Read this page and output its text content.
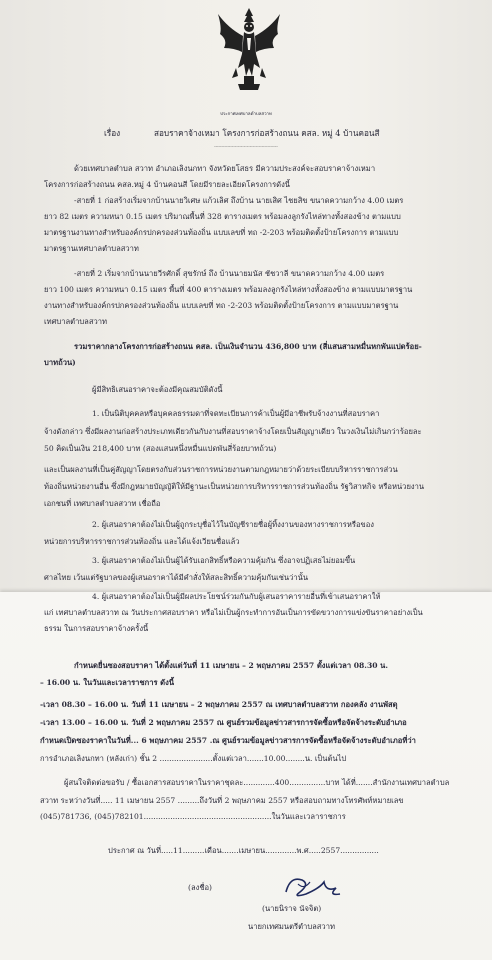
ประกาศเทศบาลตำบลสวาท
เรื่อง	สอบราคาจ้างเหมา โครงการก่อสร้างถนน คสล. หมู่ 4 บ้านคอนสี
-------------------------------------------
ด้วยเทศบาลตำบล สวาท อำเภอเลิงนกทา จังหวัดยโสธร มีความประสงค์จะสอบราคาจ้างเหมา
โครงการก่อสร้างถนน คสล.หมู่ 4 บ้านคอนสี โดยมีรายละเอียดโครงการดังนี้
-สายที่ 1 ก่อสร้างเริ่มจากบ้านนายวิเศษ แก้วเลิศ ถึงบ้าน นายเสิศ ไชยสิข ขนาดความกว้าง 4.00 เมตร
ยาว 82 เมตร ความหนา 0.15 เมตร ปริมาณพื้นที่ 328 ตารางเมตร พร้อมลงลูกรังไหล่ทางทั้งสองข้าง ตามแบบ
มาตรฐานงานทางสำหรับองค์กรปกครองส่วนท้องถิ่น แบบเลขที่ ทถ -2-203 พร้อมติดตั้งป้ายโครงการ ตามแบบ
มาตรฐานเทศบาลตำบลสวาท
-สายที่ 2 เริ่มจากบ้านนายวีรศักดิ์ สุขรักษ์ ถึง บ้านนายมนัส ชัชวาลี ขนาดความกว้าง 4.00 เมตร
ยาว 100 เมตร ความหนา 0.15 เมตร พื้นที่ 400 ตารางเมตร พร้อมลงลูกรังไหล่ทางทั้งสองข้าง ตามแบบมาตรฐาน
งานทางสำหรับองค์กรปกครองส่วนท้องถิ่น แบบเลขที่ ทถ -2-203 พร้อมติดตั้งป้ายโครงการ ตามแบบมาตรฐาน
เทศบาลตำบลสวาท
รวมราคากลางโครงการก่อสร้างถนน คสล. เป็นเงินจำนวน 436,800 บาท (สี่แสนสามหมื่นหกพันแปดร้อย-
บาทถ้วน)
ผู้มีสิทธิเสนอราคาจะต้องมีคุณสมบัติดังนี้
1. เป็นนิติบุคคลหรือบุคคลธรรมดาที่จดทะเบียนการค้าเป็นผู้มีอาชีพรับจ้างงานที่สอบราคา
จ้างดังกล่าว ซึ่งมีผลงานก่อสร้างประเภทเดียวกันกับงานที่สอบราคาจ้างโดยเป็นสัญญาเดียว ในวงเงินไม่เกินกว่าร้อยละ
50 คิดเป็นเงิน 218,400 บาท (สองแสนหนึ่งหมื่นแปดพันสี่ร้อยบาทถ้วน)
และเป็นผลงานที่เป็นคู่สัญญาโดยตรงกับส่วนราชการหน่วยงานตามกฎหมายว่าด้วยระเบียบบริหารราชการส่วน
ท้องถิ่นหน่วยงานอื่น ซึ่งมีกฎหมายบัญญัติให้มีฐานะเป็นหน่วยการบริหารราชการส่วนท้องถิ่น รัฐวิสาหกิจ หรือหน่วยงาน
เอกชนที่ เทศบาลตำบลสวาท เชื่อถือ
2. ผู้เสนอราคาต้องไม่เป็นผู้ถูกระบุชื่อไว้ในบัญชีรายชื่อผู้ทิ้งงานของทางราชการหรือของ
หน่วยการบริหารราชการส่วนท้องถิ่น และได้แจ้งเวียนชื่อแล้ว
3. ผู้เสนอราคาต้องไม่เป็นผู้ได้รับเอกสิทธิ์หรือความคุ้มกัน ซึ่งอาจปฏิเสธไม่ยอมขึ้น
ศาลไทย เว้นแต่รัฐบาลของผู้เสนอราคาได้มีคำสั่งให้สละสิทธิ์ความคุ้มกันเช่นว่านั้น
4. ผู้เสนอราคาต้องไม่เป็นผู้มีผลประโยชน์ร่วมกันกับผู้เสนอราคารายอื่นที่เข้าเสนอราคาให้
แก่ เทศบาลตำบลสวาท ณ วันประกาศสอบราคา หรือไม่เป็นผู้กระทำการอันเป็นการขัดขวางการแข่งขันราคาอย่างเป็น
ธรรม ในการสอบราคาจ้างครั้งนี้
กำหนดยื่นซองสอบราคา ได้ตั้งแต่วันที่ 11 เมษายน – 2 พฤษภาคม 2557 ตั้งแต่เวลา 08.30 น.
– 16.00 น. ในวันและเวลาราชการ ดังนี้
-เวลา 08.30 – 16.00 น. วันที่ 11 เมษายน – 2 พฤษภาคม 2557 ณ เทศบาลตำบลสวาท กองคลัง งานพัสดุ
-เวลา 13.00 – 16.00 น. วันที่ 2 พฤษภาคม 2557 ณ ศูนย์รวมข้อมูลข่าวสารการจัดซื้อหรือจัดจ้างระดับอำเภอ
กำหนดเปิดซองราคาในวันที่... 6 พฤษภาคม 2557 .ณ ศูนย์รวมข้อมูลข่าวสารการจัดซื้อหรือจัดจ้างระดับอำเภอที่ว่า
การอำเภอเลิงนกทา (หลังเก่า) ชั้น 2 ......................ตั้งแต่เวลา.......10.00........น. เป็นต้นไป
ผู้สนใจติดต่อขอรับ / ซื้อเอกสารสอบราคาในราคาชุดละ.............400...............บาท ได้ที่.......สำนักงานเทศบาลตำบล
สวาท ระหว่างวันที่..... 11 เมษายน 2557 .........ถึงวันที่ 2 พฤษภาคม 2557 หรือสอบถามทางโทรศัพท์หมายเลข
(045)781736, (045)782101.....................................................ในวันและเวลาราชการ
ประกาศ ณ วันที่.....11.........เดือน.......เมษายน.............พ.ศ.....2557................
(ลงชื่อ)
(นายนิราจ นัจจิต)
นายกเทศมนตรีตำบลสวาท
